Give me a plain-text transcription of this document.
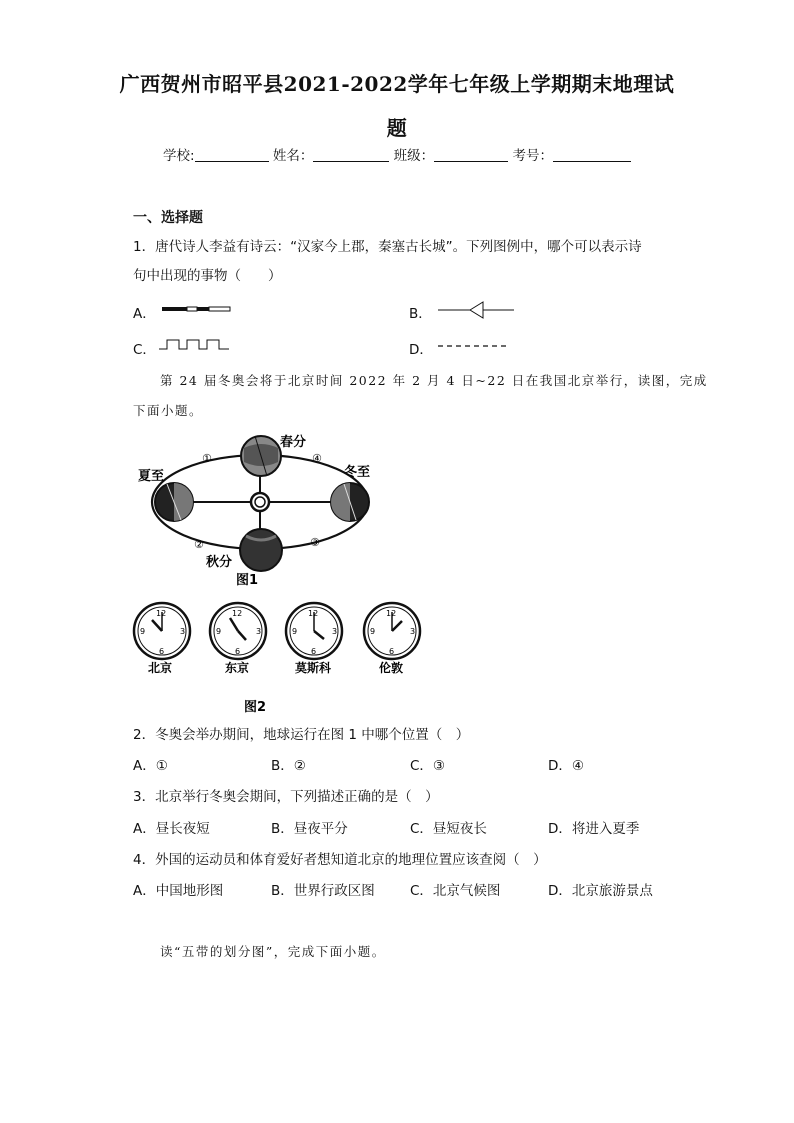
广西贺州市昭平县2021-2022学年七年级上学期期末地理试
题
学校:	姓名：	班级：	考号：
一、选择题
1．唐代诗人李益有诗云：“汉家今上郡，秦塞古长城”。下列图例中，哪个可以表示诗
句中出现的事物（　　）
A．	B．
C．	D．
第 24 届冬奥会将于北京时间 2022 年 2 月 4 日~22 日在我国北京举行，读图，完成
下面小题。
①	④
②	③
春分
夏至	冬至
秋分
图1
12
3
6
9
12
3
6
9
12
3
6
9
12
3
6
9
北京	东京	莫斯科	伦敦
图2
2．冬奥会举办期间，地球运行在图 1 中哪个位置（　）
A．①	B．②	C．③	D．④
3．北京举行冬奥会期间，下列描述正确的是（　）
A．昼长夜短	B．昼夜平分	C．昼短夜长	D．将进入夏季
4．外国的运动员和体育爱好者想知道北京的地理位置应该查阅（　）
A．中国地形图	B．世界行政区图	C．北京气候图	D．北京旅游景点
读“五带的划分图”，完成下面小题。
